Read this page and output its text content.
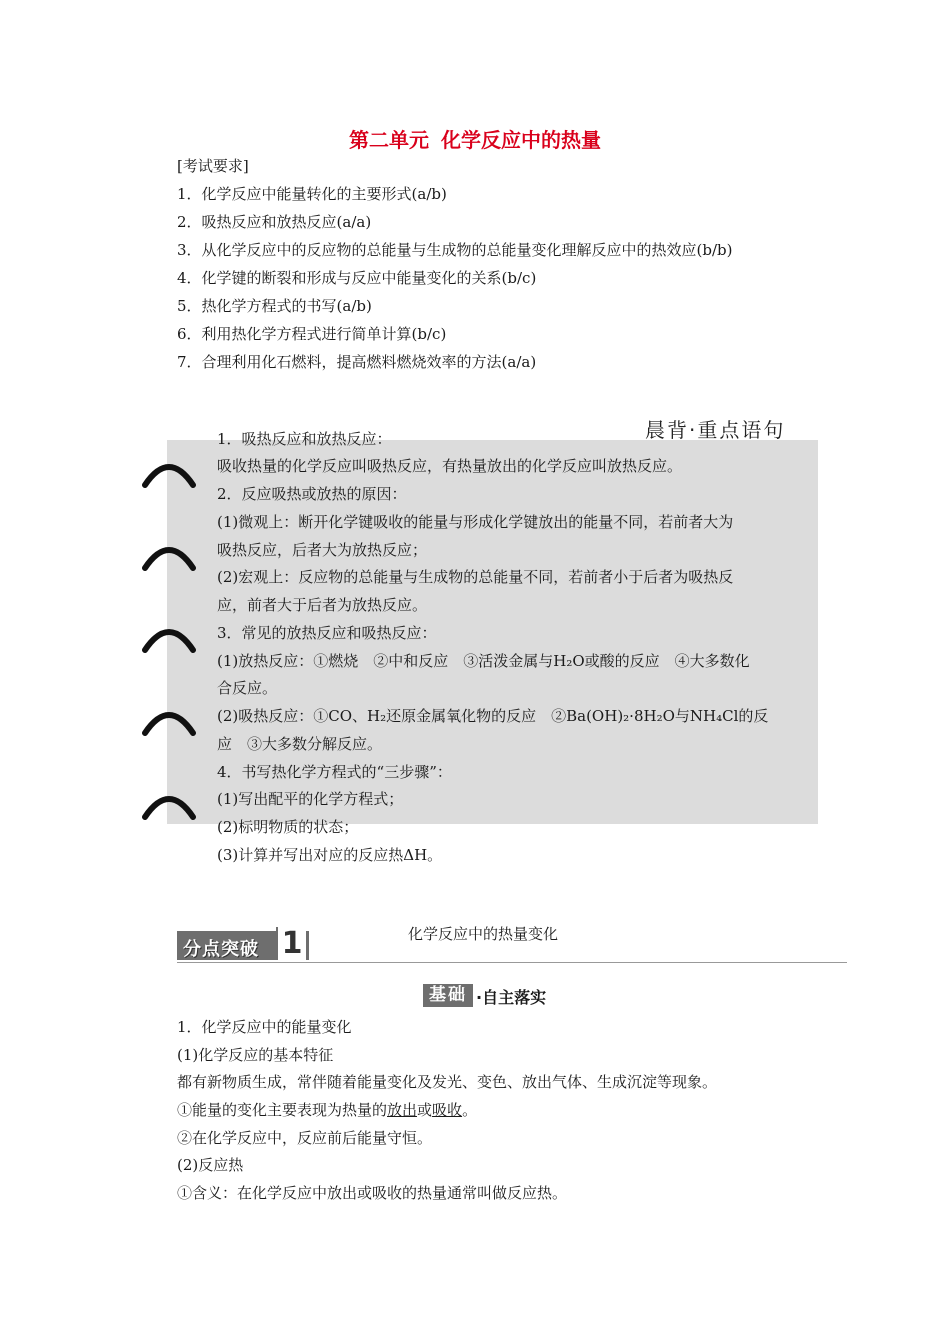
第二单元 化学反应中的热量
[考试要求]
1．化学反应中能量转化的主要形式(a/b)
2．吸热反应和放热反应(a/a)
3．从化学反应中的反应物的总能量与生成物的总能量变化理解反应中的热效应(b/b)
4．化学键的断裂和形成与反应中能量变化的关系(b/c)
5．热化学方程式的书写(a/b)
6．利用热化学方程式进行简单计算(b/c)
7．合理利用化石燃料，提高燃料燃烧效率的方法(a/a)
晨背·重点语句
1．吸热反应和放热反应：
吸收热量的化学反应叫吸热反应，有热量放出的化学反应叫放热反应。
2．反应吸热或放热的原因：
(1)微观上：断开化学键吸收的能量与形成化学键放出的能量不同，若前者大为
吸热反应，后者大为放热反应；
(2)宏观上：反应物的总能量与生成物的总能量不同，若前者小于后者为吸热反
应，前者大于后者为放热反应。
3．常见的放热反应和吸热反应：
(1)放热反应：①燃烧　②中和反应　③活泼金属与H₂O或酸的反应　④大多数化
合反应。
(2)吸热反应：①CO、H₂还原金属氧化物的反应　②Ba(OH)₂·8H₂O与NH₄Cl的反
应　③大多数分解反应。
4．书写热化学方程式的“三步骤”：
(1)写出配平的化学方程式；
(2)标明物质的状态；
(3)计算并写出对应的反应热ΔH。
分点突破 1	化学反应中的热量变化
基础 ·自主落实
1．化学反应中的能量变化
(1)化学反应的基本特征
都有新物质生成，常伴随着能量变化及发光、变色、放出气体、生成沉淀等现象。
①能量的变化主要表现为热量的放出或吸收。
②在化学反应中，反应前后能量守恒。
(2)反应热
①含义：在化学反应中放出或吸收的热量通常叫做反应热。
